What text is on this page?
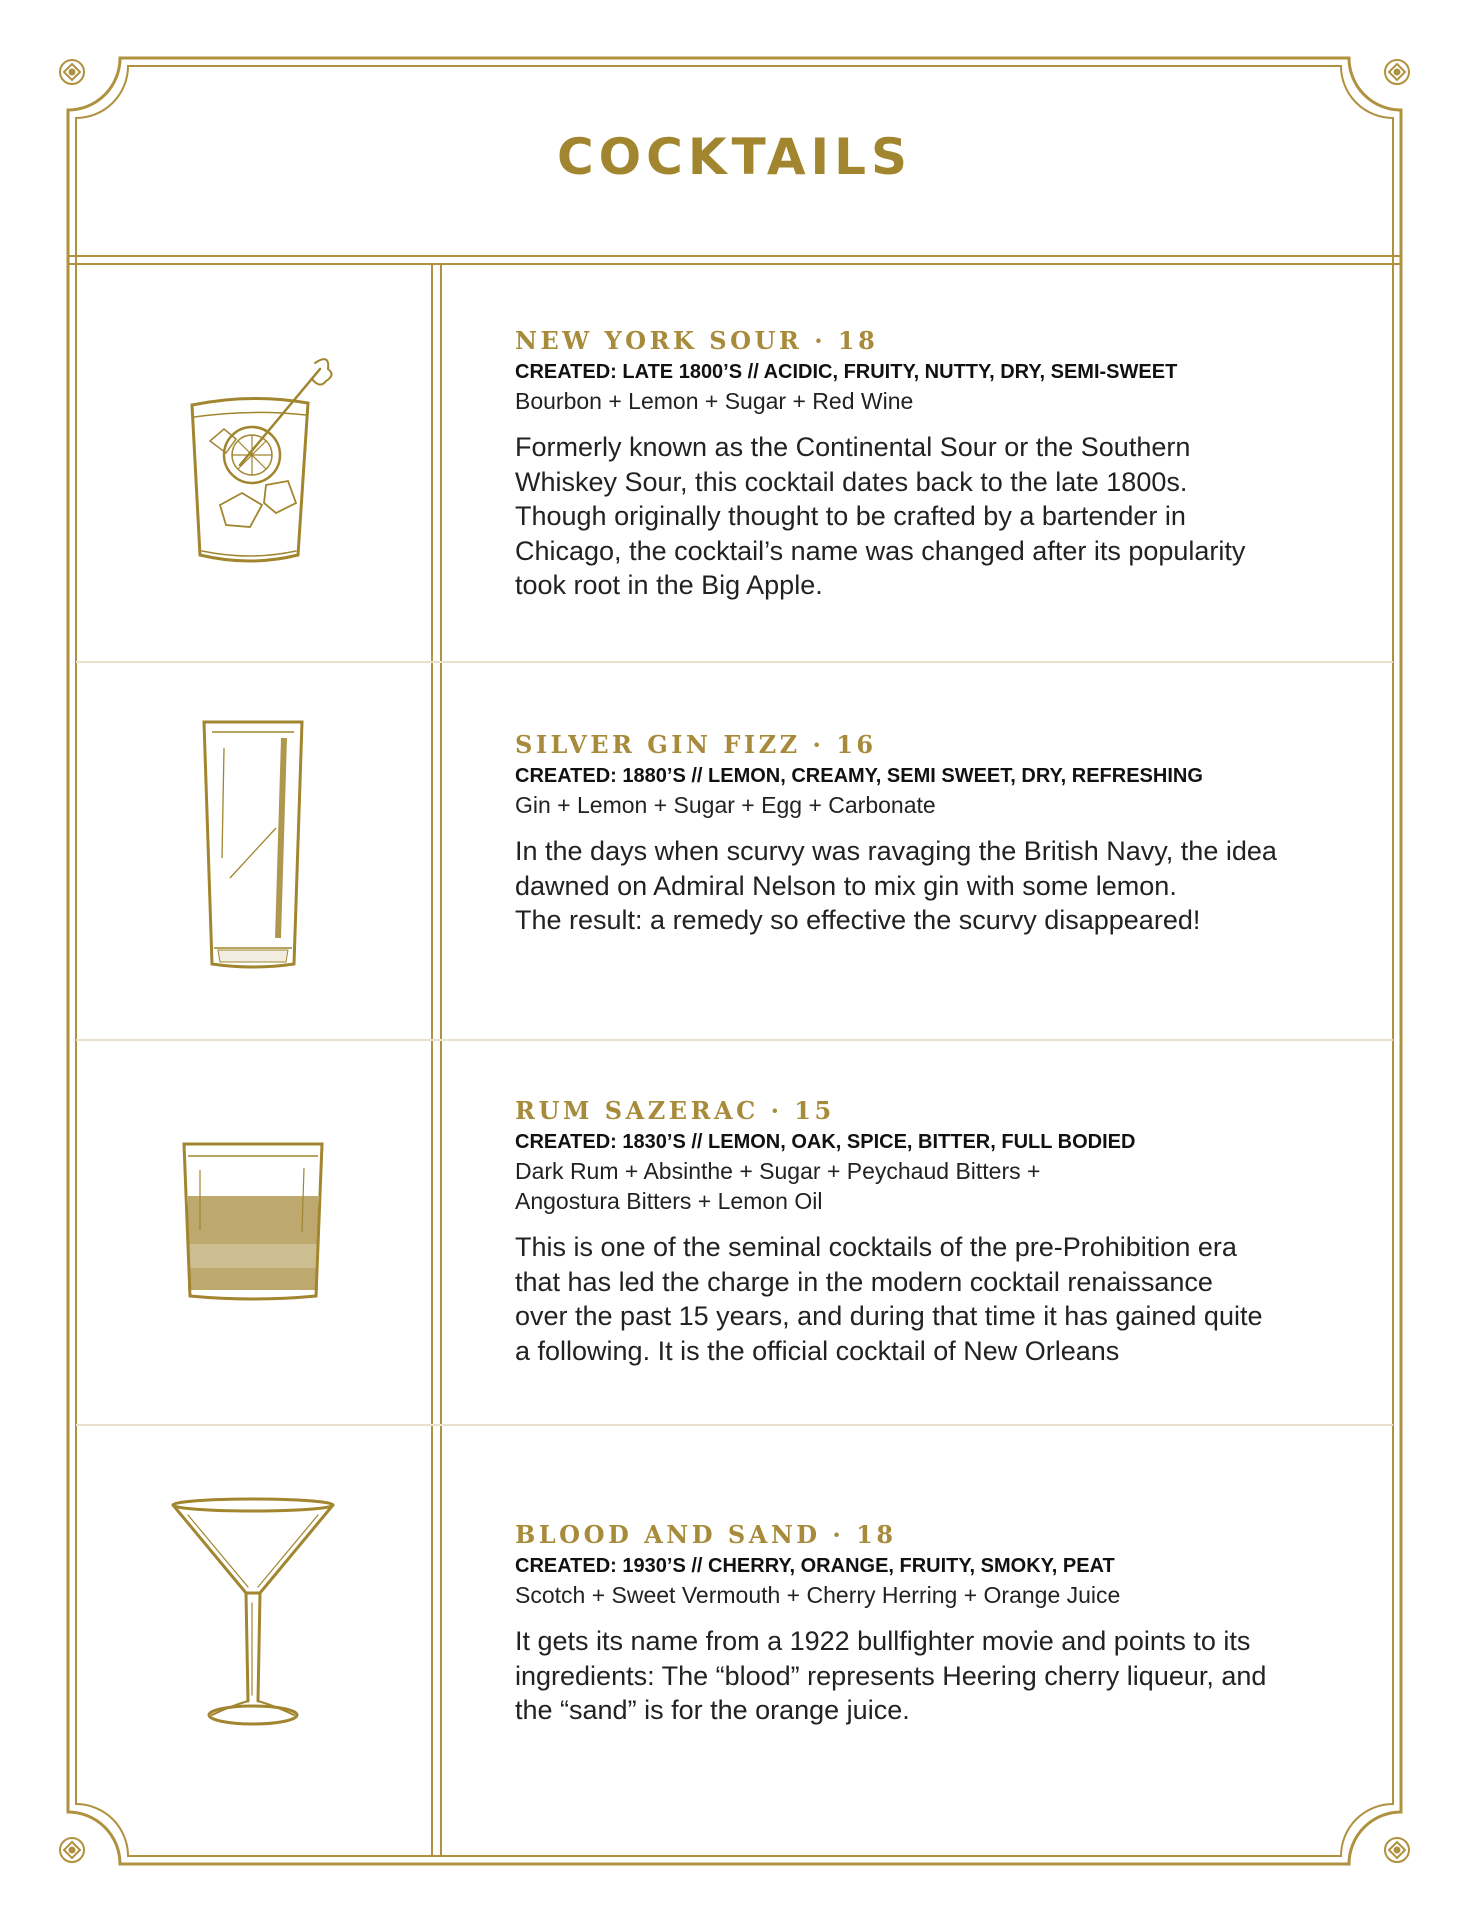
COCKTAILS
NEW YORK SOUR · 18
CREATED: LATE 1800’S // ACIDIC, FRUITY, NUTTY, DRY, SEMI-SWEET
Bourbon + Lemon + Sugar + Red Wine
Formerly known as the Continental Sour or the Southern
Whiskey Sour, this cocktail dates back to the late 1800s.
Though originally thought to be crafted by a bartender in
Chicago, the cocktail’s name was changed after its popularity
took root in the Big Apple.
SILVER GIN FIZZ · 16
CREATED: 1880’S // LEMON, CREAMY, SEMI SWEET, DRY, REFRESHING
Gin + Lemon + Sugar + Egg + Carbonate
In the days when scurvy was ravaging the British Navy, the idea
dawned on Admiral Nelson to mix gin with some lemon.
The result: a remedy so effective the scurvy disappeared!
RUM SAZERAC · 15
CREATED: 1830’S // LEMON, OAK, SPICE, BITTER, FULL BODIED
Dark Rum + Absinthe + Sugar + Peychaud Bitters +
Angostura Bitters + Lemon Oil
This is one of the seminal cocktails of the pre-Prohibition era
that has led the charge in the modern cocktail renaissance
over the past 15 years, and during that time it has gained quite
a following. It is the official cocktail of New Orleans
BLOOD AND SAND · 18
CREATED: 1930’S // CHERRY, ORANGE, FRUITY, SMOKY, PEAT
Scotch + Sweet Vermouth + Cherry Herring + Orange Juice
It gets its name from a 1922 bullfighter movie and points to its
ingredients: The “blood” represents Heering cherry liqueur, and
the “sand” is for the orange juice.
